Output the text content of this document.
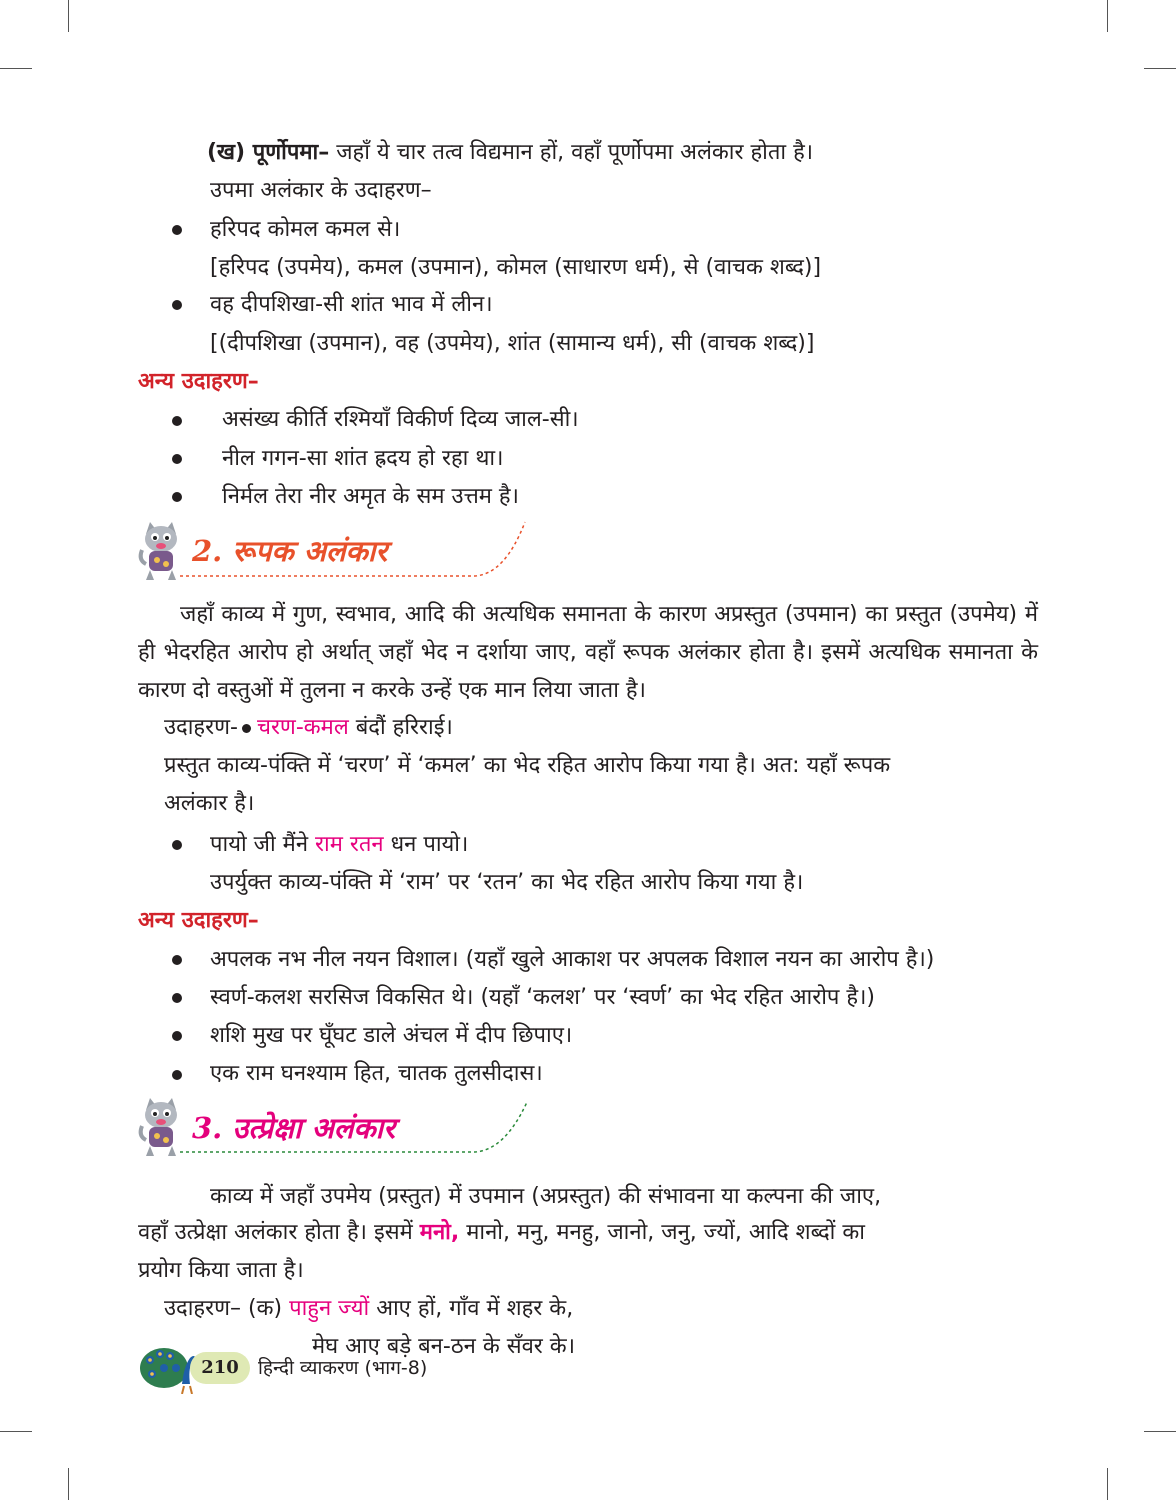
(ख) पूर्णोपमा– जहाँ ये चार तत्व विद्यमान हों, वहाँ पूर्णोपमा अलंकार होता है।
उपमा अलंकार के उदाहरण–
हरिपद कोमल कमल से।
[हरिपद (उपमेय), कमल (उपमान), कोमल (साधारण धर्म), से (वाचक शब्द)]
वह दीपशिखा-सी शांत भाव में लीन।
[(दीपशिखा (उपमान), वह (उपमेय), शांत (सामान्य धर्म), सी (वाचक शब्द)]
अन्य उदाहरण–
असंख्य कीर्ति रश्मियाँ विकीर्ण दिव्य जाल-सी।
नील गगन-सा शांत ह्रदय हो रहा था।
निर्मल तेरा नीर अमृत के सम उत्तम है।
2. रूपक अलंकार
जहाँ काव्य में गुण, स्वभाव, आदि की अत्यधिक समानता के कारण अप्रस्तुत (उपमान) का प्रस्तुत (उपमेय) में ही भेदरहित आरोप हो अर्थात् जहाँ भेद न दर्शाया जाए, वहाँ रूपक अलंकार होता है। इसमें अत्यधिक समानता के कारण दो वस्तुओं में तुलना न करके उन्हें एक मान लिया जाता है।
उदाहरण- चरण-कमल बंदौं हरिराई।
प्रस्तुत काव्य-पंक्ति में ‘चरण’ में ‘कमल’ का भेद रहित आरोप किया गया है। अत: यहाँ रूपक
अलंकार है।
पायो जी मैंने राम रतन धन पायो।
उपर्युक्त काव्य-पंक्ति में ‘राम’ पर ‘रतन’ का भेद रहित आरोप किया गया है।
अन्य उदाहरण–
अपलक नभ नील नयन विशाल। (यहाँ खुले आकाश पर अपलक विशाल नयन का आरोप है।)
स्वर्ण-कलश सरसिज विकसित थे। (यहाँ ‘कलश’ पर ‘स्वर्ण’ का भेद रहित आरोप है।)
शशि मुख पर घूँघट डाले अंचल में दीप छिपाए।
एक राम घनश्याम हित, चातक तुलसीदास।
3. उत्प्रेक्षा अलंकार
काव्य में जहाँ उपमेय (प्रस्तुत) में उपमान (अप्रस्तुत) की संभावना या कल्पना की जाए,
वहाँ उत्प्रेक्षा अलंकार होता है। इसमें मनो, मानो, मनु, मनहु, जानो, जनु, ज्यों, आदि शब्दों का
प्रयोग किया जाता है।
उदाहरण– (क) पाहुन ज्यों आए हों, गाँव में शहर के,
मेघ आए बड़े बन-ठन के सँवर के।
210	हिन्दी व्याकरण (भाग-8)
